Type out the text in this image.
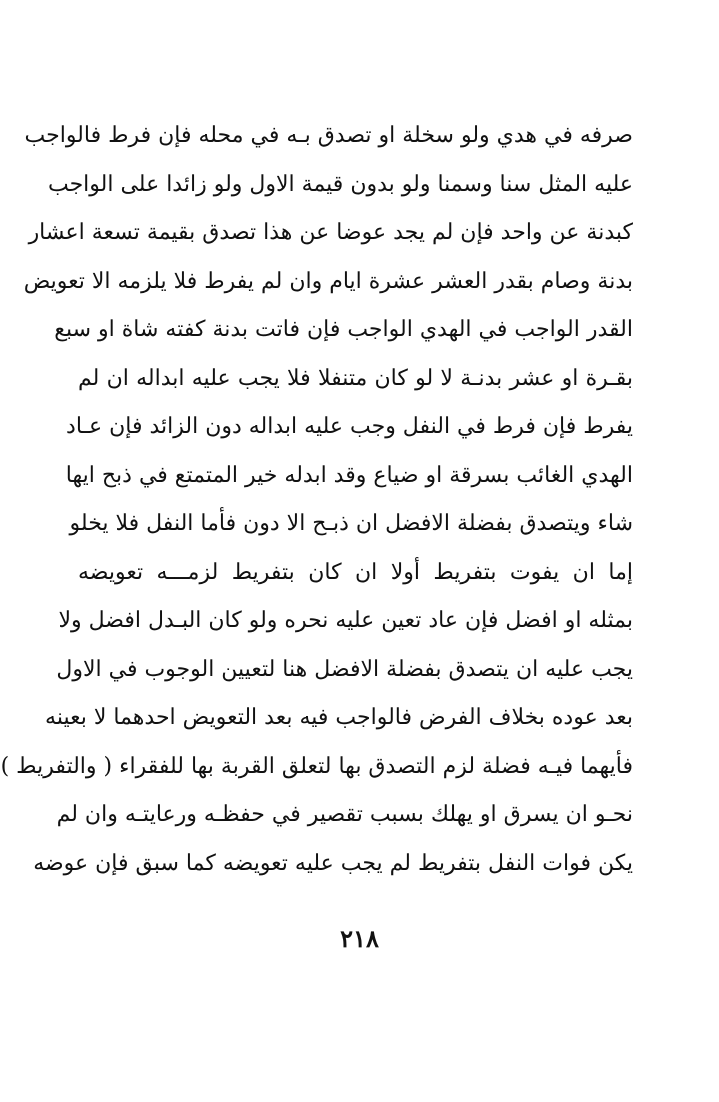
صرفه في هدي ولو سخلة او تصدق بـه في محله فإن فرط فالواجب
عليه المثل سنا وسمنا ولو بدون قيمة الاول ولو زائدا على الواجب
كبدنة عن واحد فإن لم يجد عوضا عن هذا تصدق بقيمة تسعة اعشار
بدنة وصام بقدر العشر عشرة ايام وان لم يفرط فلا يلزمه الا تعويض
القدر الواجب في الهدي الواجب فإن فاتت بدنة كفته شاة او سبع
بقـرة او عشر بدنـة لا لو كان متنفلا فلا يجب عليه ابداله ان لم
يفرط فإن فرط في النفل وجب عليه ابداله دون الزائد فإن عـاد
الهدي الغائب بسرقة او ضياع وقد ابدله خير المتمتع في ذبح ايها
شاء ويتصدق بفضلة الافضل ان ذبـح الا دون فأما النفل فلا يخلو
إما ان يفوت بتفريط أولا ان كان بتفريط لزمـــه تعويضه
بمثله او افضل فإن عاد تعين عليه نحره ولو كان البـدل افضل ولا
يجب عليه ان يتصدق بفضلة الافضل هنا لتعيين الوجوب في الاول
بعد عوده بخلاف الفرض فالواجب فيه بعد التعويض احدهما لا بعينه
فأيهما فيـه فضلة لزم التصدق بها لتعلق القربة بها للفقراء ( والتفريط )
نحـو ان يسرق او يهلك بسبب تقصير في حفظـه ورعايتـه وان لم
يكن فوات النفل بتفريط لم يجب عليه تعويضه كما سبق فإن عوضه
٢١٨
